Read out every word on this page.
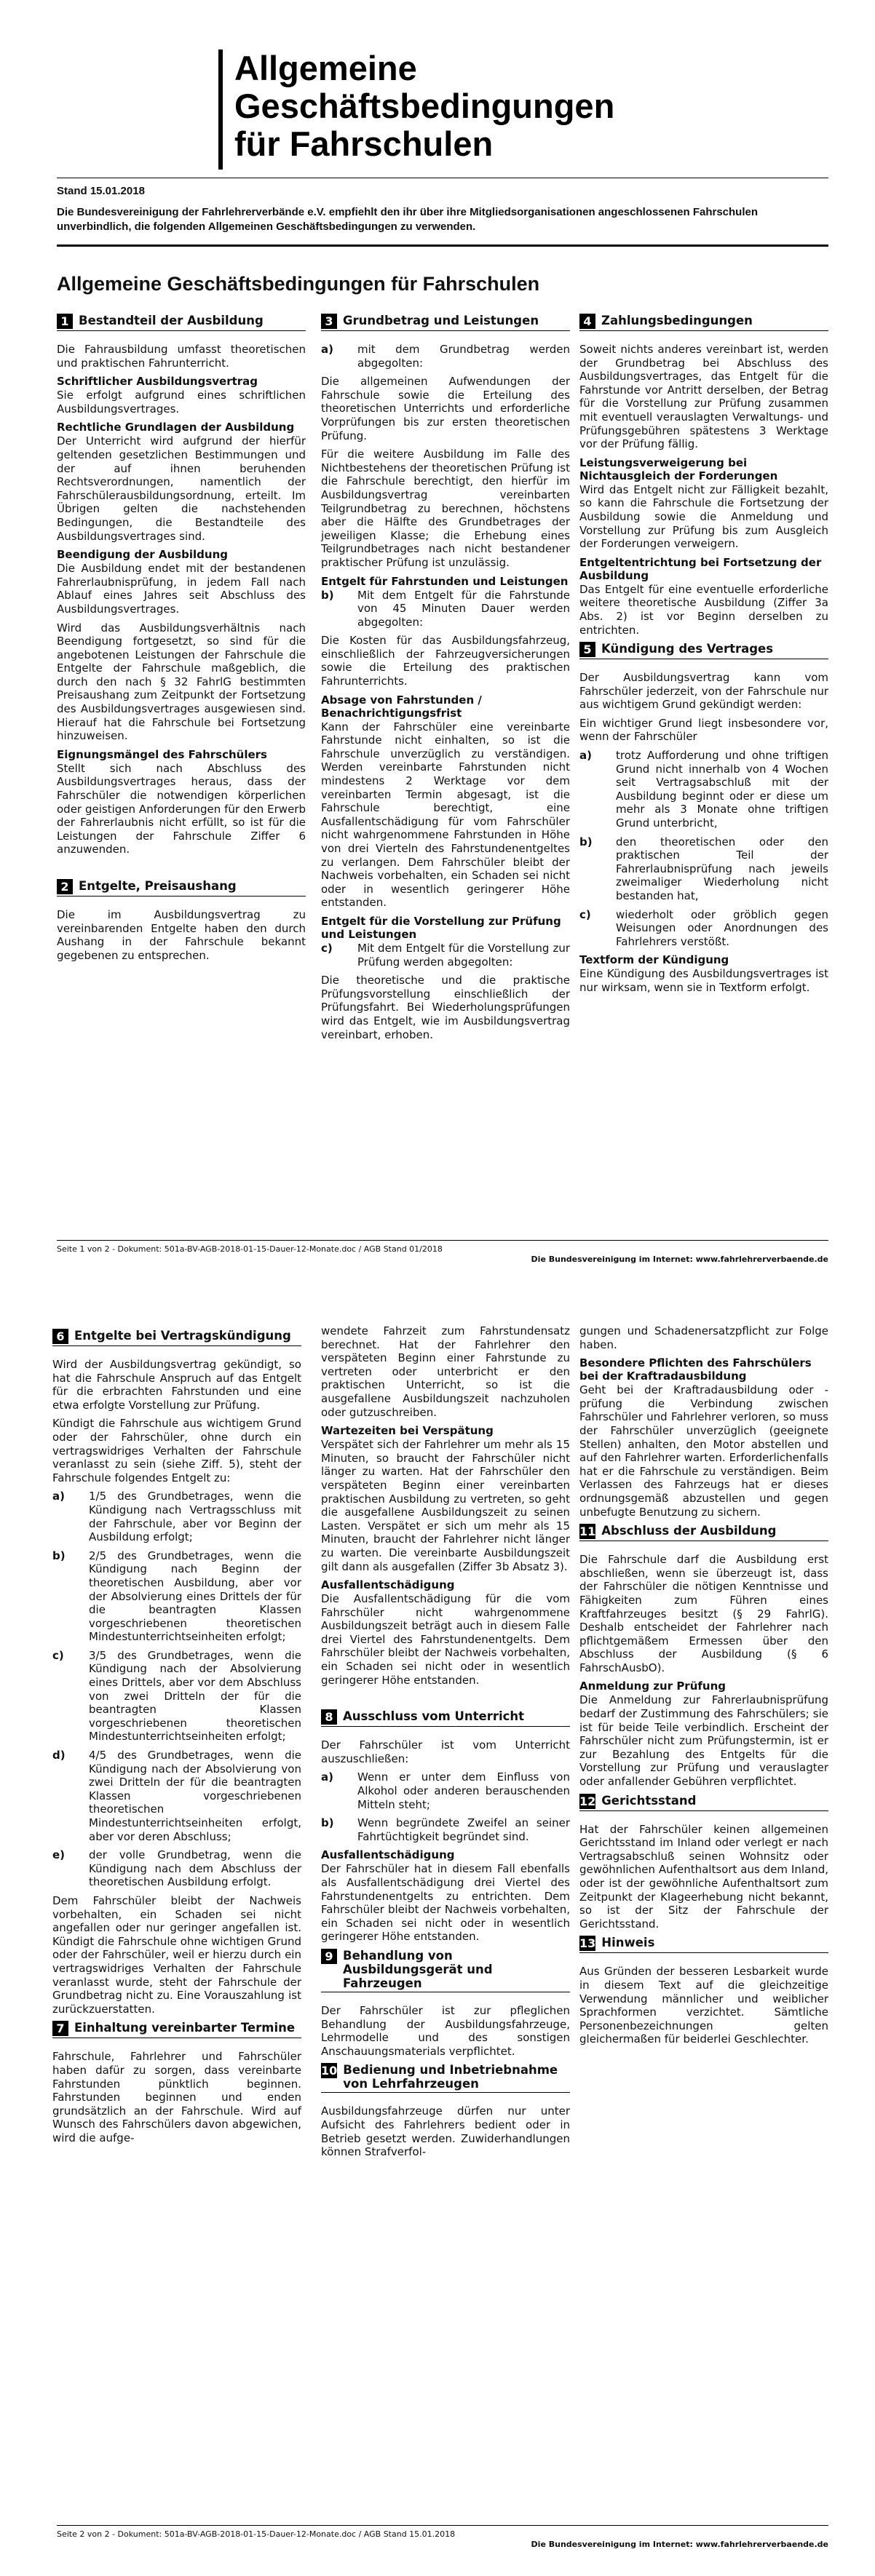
Allgemeine
Geschäftsbedingungen
für Fahrschulen
Stand 15.01.2018
Die Bundesvereinigung der Fahrlehrerverbände e.V. empfiehlt den ihr über ihre Mitgliedsorganisationen angeschlossenen Fahrschulen unverbindlich, die folgenden Allgemeinen Geschäftsbedingungen zu verwenden.
Allgemeine Geschäftsbedingungen für Fahrschulen
1 Bestandteil der Ausbildung

Die Fahrausbildung umfasst theoretischen und praktischen Fahrunterricht.

Schriftlicher Ausbildungsvertrag

Sie erfolgt aufgrund eines schriftlichen Ausbildungsvertrages.

Rechtliche Grundlagen der Ausbildung

Der Unterricht wird aufgrund der hierfür geltenden gesetzlichen Bestimmungen und der auf ihnen beruhenden Rechtsverordnungen, namentlich der Fahrschülerausbildungsordnung, erteilt. Im Übrigen gelten die nachstehenden Bedingungen, die Bestandteile des Ausbildungsvertrages sind.

Beendigung der Ausbildung

Die Ausbildung endet mit der bestandenen Fahrerlaubnisprüfung, in jedem Fall nach Ablauf eines Jahres seit Abschluss des Ausbildungsvertrages.

Wird das Ausbildungsverhältnis nach Beendigung fortgesetzt, so sind für die angebotenen Leistungen der Fahrschule die Entgelte der Fahrschule maßgeblich, die durch den nach § 32 FahrlG bestimmten Preisaushang zum Zeitpunkt der Fortsetzung des Ausbildungsvertrages ausgewiesen sind. Hierauf hat die Fahrschule bei Fortsetzung hinzuweisen.

Eignungsmängel des Fahrschülers

Stellt sich nach Abschluss des Ausbildungsvertrages heraus, dass der Fahrschüler die notwendigen körperlichen oder geistigen Anforderungen für den Erwerb der Fahrerlaubnis nicht erfüllt, so ist für die Leistungen der Fahrschule Ziffer 6 anzuwenden.

2 Entgelte, Preisaushang

Die im Ausbildungsvertrag zu vereinbarenden Entgelte haben den durch Aushang in der Fahrschule bekannt gegebenen zu entsprechen.

3 Grundbetrag und Leistungen
a)	mit dem Grundbetrag werden abgegolten:

Die allgemeinen Aufwendungen der Fahrschule sowie die Erteilung des theoretischen Unterrichts und erforderliche Vorprüfungen bis zur ersten theoretischen Prüfung.

Für die weitere Ausbildung im Falle des Nichtbestehens der theoretischen Prüfung ist die Fahrschule berechtigt, den hierfür im Ausbildungsvertrag vereinbarten Teilgrundbetrag zu berechnen, höchstens aber die Hälfte des Grundbetrages der jeweiligen Klasse; die Erhebung eines Teilgrundbetrages nach nicht bestandener praktischer Prüfung ist unzulässig.

Entgelt für Fahrstunden und Leistungen
b)	Mit dem Entgelt für die Fahrstunde von 45 Minuten Dauer werden abgegolten:

Die Kosten für das Ausbildungsfahrzeug, einschließlich der Fahrzeugversicherungen sowie die Erteilung des praktischen Fahrunterrichts.

Absage von Fahrstunden / Benachrichtigungsfrist

Kann der Fahrschüler eine vereinbarte Fahrstunde nicht einhalten, so ist die Fahrschule unverzüglich zu verständigen. Werden vereinbarte Fahrstunden nicht mindestens 2 Werktage vor dem vereinbarten Termin abgesagt, ist die Fahrschule berechtigt, eine Ausfallentschädigung für vom Fahrschüler nicht wahrgenommene Fahrstunden in Höhe von drei Vierteln des Fahrstundenentgeltes zu verlangen. Dem Fahrschüler bleibt der Nachweis vorbehalten, ein Schaden sei nicht oder in wesentlich geringerer Höhe entstanden.

Entgelt für die Vorstellung zur Prüfung und Leistungen
c)	Mit dem Entgelt für die Vorstellung zur Prüfung werden abgegolten:

Die theoretische und die praktische Prüfungsvorstellung einschließlich der Prüfungsfahrt. Bei Wiederholungsprüfungen wird das Entgelt, wie im Ausbildungsvertrag vereinbart, erhoben.

4 Zahlungsbedingungen

Soweit nichts anderes vereinbart ist, werden der Grundbetrag bei Abschluss des Ausbildungsvertrages, das Entgelt für die Fahrstunde vor Antritt derselben, der Betrag für die Vorstellung zur Prüfung zusammen mit eventuell verauslagten Verwaltungs- und Prüfungsgebühren spätestens 3 Werktage vor der Prüfung fällig.

Leistungsverweigerung bei Nichtausgleich der Forderungen

Wird das Entgelt nicht zur Fälligkeit bezahlt, so kann die Fahrschule die Fortsetzung der Ausbildung sowie die Anmeldung und Vorstellung zur Prüfung bis zum Ausgleich der Forderungen verweigern.

Entgeltentrichtung bei Fortsetzung der Ausbildung

Das Entgelt für eine eventuelle erforderliche weitere theoretische Ausbildung (Ziffer 3a Abs. 2) ist vor Beginn derselben zu entrichten.

5 Kündigung des Vertrages

Der Ausbildungsvertrag kann vom Fahrschüler jederzeit, von der Fahrschule nur aus wichtigem Grund gekündigt werden:

Ein wichtiger Grund liegt insbesondere vor, wenn der Fahrschüler

a)	trotz Aufforderung und ohne triftigen Grund nicht innerhalb von 4 Wochen seit Vertragsabschluß mit der Ausbildung beginnt oder er diese um mehr als 3 Monate ohne triftigen Grund unterbricht,
b)	den theoretischen oder den praktischen Teil der Fahrerlaubnisprüfung nach jeweils zweimaliger Wiederholung nicht bestanden hat,
c)	wiederholt oder gröblich gegen Weisungen oder Anordnungen des Fahrlehrers verstößt.
Textform der Kündigung

Eine Kündigung des Ausbildungsvertrages ist nur wirksam, wenn sie in Textform erfolgt.

Seite 1 von 2 - Dokument: 501a-BV-AGB-2018-01-15-Dauer-12-Monate.doc / AGB Stand 01/2018
Die Bundesvereinigung im Internet: www.fahrlehrerverbaende.de
6 Entgelte bei Vertragskündigung

Wird der Ausbildungsvertrag gekündigt, so hat die Fahrschule Anspruch auf das Entgelt für die erbrachten Fahrstunden und eine etwa erfolgte Vorstellung zur Prüfung.

Kündigt die Fahrschule aus wichtigem Grund oder der Fahrschüler, ohne durch ein vertragswidriges Verhalten der Fahrschule veranlasst zu sein (siehe Ziff. 5), steht der Fahrschule folgendes Entgelt zu:

a)	1/5 des Grundbetrages, wenn die Kündigung nach Vertragsschluss mit der Fahrschule, aber vor Beginn der Ausbildung erfolgt;
b)	2/5 des Grundbetrages, wenn die Kündigung nach Beginn der theoretischen Ausbildung, aber vor der Absolvierung eines Drittels der für die beantragten Klassen vorgeschriebenen theoretischen Mindestunterrichtseinheiten erfolgt;
c)	3/5 des Grundbetrages, wenn die Kündigung nach der Absolvierung eines Drittels, aber vor dem Abschluss von zwei Dritteln der für die beantragten Klassen vorgeschriebenen theoretischen Mindestunterrichtseinheiten erfolgt;
d)	4/5 des Grundbetrages, wenn die Kündigung nach der Absolvierung von zwei Dritteln der für die beantragten Klassen vorgeschriebenen theoretischen Mindestunterrichtseinheiten erfolgt, aber vor deren Abschluss;
e)	der volle Grundbetrag, wenn die Kündigung nach dem Abschluss der theoretischen Ausbildung erfolgt.

Dem Fahrschüler bleibt der Nachweis vorbehalten, ein Schaden sei nicht angefallen oder nur geringer angefallen ist. Kündigt die Fahrschule ohne wichtigen Grund oder der Fahrschüler, weil er hierzu durch ein vertragswidriges Verhalten der Fahrschule veranlasst wurde, steht der Fahrschule der Grundbetrag nicht zu. Eine Vorauszahlung ist zurückzuerstatten.

7 Einhaltung vereinbarter Termine

Fahrschule, Fahrlehrer und Fahrschüler haben dafür zu sorgen, dass vereinbarte Fahrstunden pünktlich beginnen. Fahrstunden beginnen und enden grundsätzlich an der Fahrschule. Wird auf Wunsch des Fahrschülers davon abgewichen, wird die aufge-

wendete Fahrzeit zum Fahrstundensatz berechnet. Hat der Fahrlehrer den verspäteten Beginn einer Fahrstunde zu vertreten oder unterbricht er den praktischen Unterricht, so ist die ausgefallene Ausbildungszeit nachzuholen oder gutzuschreiben.

Wartezeiten bei Verspätung

Verspätet sich der Fahrlehrer um mehr als 15 Minuten, so braucht der Fahrschüler nicht länger zu warten. Hat der Fahrschüler den verspäteten Beginn einer vereinbarten praktischen Ausbildung zu vertreten, so geht die ausgefallene Ausbildungszeit zu seinen Lasten. Verspätet er sich um mehr als 15 Minuten, braucht der Fahrlehrer nicht länger zu warten. Die vereinbarte Ausbildungszeit gilt dann als ausgefallen (Ziffer 3b Absatz 3).

Ausfallentschädigung

Die Ausfallentschädigung für die vom Fahrschüler nicht wahrgenommene Ausbildungszeit beträgt auch in diesem Falle drei Viertel des Fahrstundenentgelts. Dem Fahrschüler bleibt der Nachweis vorbehalten, ein Schaden sei nicht oder in wesentlich geringerer Höhe entstanden.

8 Ausschluss vom Unterricht

Der Fahrschüler ist vom Unterricht auszuschließen:

a)	Wenn er unter dem Einfluss von Alkohol oder anderen berauschenden Mitteln steht;
b)	Wenn begründete Zweifel an seiner Fahrtüchtigkeit begründet sind.
Ausfallentschädigung

Der Fahrschüler hat in diesem Fall ebenfalls als Ausfallentschädigung drei Viertel des Fahrstundenentgelts zu entrichten. Dem Fahrschüler bleibt der Nachweis vorbehalten, ein Schaden sei nicht oder in wesentlich geringerer Höhe entstanden.

9 Behandlung von Ausbildungsgerät und Fahrzeugen

Der Fahrschüler ist zur pfleglichen Behandlung der Ausbildungsfahrzeuge, Lehrmodelle und des sonstigen Anschauungsmaterials verpflichtet.

10 Bedienung und Inbetriebnahme von Lehrfahrzeugen

Ausbildungsfahrzeuge dürfen nur unter Aufsicht des Fahrlehrers bedient oder in Betrieb gesetzt werden. Zuwiderhandlungen können Strafverfol-

gungen und Schadenersatzpflicht zur Folge haben.

Besondere Pflichten des Fahrschülers bei der Kraftradausbildung

Geht bei der Kraftradausbildung oder -prüfung die Verbindung zwischen Fahrschüler und Fahrlehrer verloren, so muss der Fahrschüler unverzüglich (geeignete Stellen) anhalten, den Motor abstellen und auf den Fahrlehrer warten. Erforderlichenfalls hat er die Fahrschule zu verständigen. Beim Verlassen des Fahrzeugs hat er dieses ordnungsgemäß abzustellen und gegen unbefugte Benutzung zu sichern.

11 Abschluss der Ausbildung

Die Fahrschule darf die Ausbildung erst abschließen, wenn sie überzeugt ist, dass der Fahrschüler die nötigen Kenntnisse und Fähigkeiten zum Führen eines Kraftfahrzeuges besitzt (§ 29 FahrlG). Deshalb entscheidet der Fahrlehrer nach pflichtgemäßem Ermessen über den Abschluss der Ausbildung (§ 6 FahrschAusbO).

Anmeldung zur Prüfung

Die Anmeldung zur Fahrerlaubnisprüfung bedarf der Zustimmung des Fahrschülers; sie ist für beide Teile verbindlich. Erscheint der Fahrschüler nicht zum Prüfungstermin, ist er zur Bezahlung des Entgelts für die Vorstellung zur Prüfung und verauslagter oder anfallender Gebühren verpflichtet.

12 Gerichtsstand

Hat der Fahrschüler keinen allgemeinen Gerichtsstand im Inland oder verlegt er nach Vertragsabschluß seinen Wohnsitz oder gewöhnlichen Aufenthaltsort aus dem Inland, oder ist der gewöhnliche Aufenthaltsort zum Zeitpunkt der Klageerhebung nicht bekannt, so ist der Sitz der Fahrschule der Gerichtsstand.

13 Hinweis

Aus Gründen der besseren Lesbarkeit wurde in diesem Text auf die gleichzeitige Verwendung männlicher und weiblicher Sprachformen verzichtet. Sämtliche Personenbezeichnungen gelten gleichermaßen für beiderlei Geschlechter.

Seite 2 von 2 - Dokument: 501a-BV-AGB-2018-01-15-Dauer-12-Monate.doc / AGB Stand 15.01.2018
Die Bundesvereinigung im Internet: www.fahrlehrerverbaende.de
